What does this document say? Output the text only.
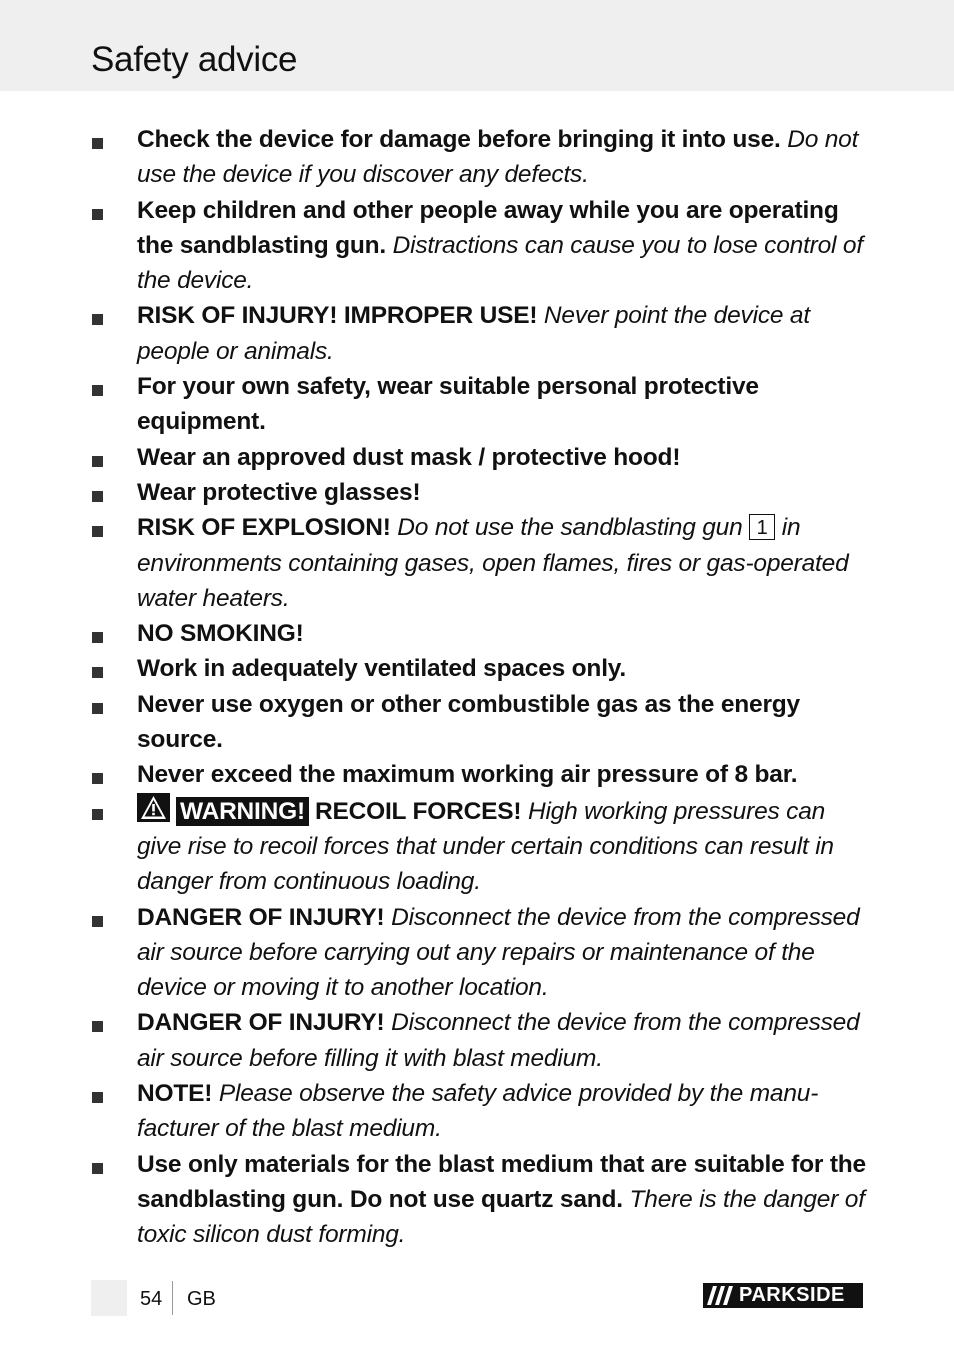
Safety advice
Check the device for damage before bringing it into use. Do not use the device if you discover any defects.
Keep children and other people away while you are operating the sandblasting gun. Distractions can cause you to lose control of the device.
RISK OF INJURY! IMPROPER USE! Never point the device at people or animals.
For your own safety, wear suitable personal protective equipment.
Wear an approved dust mask / protective hood!
Wear protective glasses!
RISK OF EXPLOSION! Do not use the sandblasting gun 1 in environments containing gases, open flames, fires or gas-operated water heaters.
NO SMOKING!
Work in adequately ventilated spaces only.
Never use oxygen or other combustible gas as the energy source.
Never exceed the maximum working air pressure of 8 bar.
WARNING! RECOIL FORCES! High working pressures can give rise to recoil forces that under certain conditions can result in danger from continuous loading.
DANGER OF INJURY! Disconnect the device from the compressed air source before carrying out any repairs or maintenance of the device or moving it to another location.
DANGER OF INJURY! Disconnect the device from the compressed air source before filling it with blast medium.
NOTE! Please observe the safety advice provided by the manufacturer of the blast medium.
Use only materials for the blast medium that are suitable for the sandblasting gun. Do not use quartz sand. There is the danger of toxic silicon dust forming.
54 GB	PARKSIDE
